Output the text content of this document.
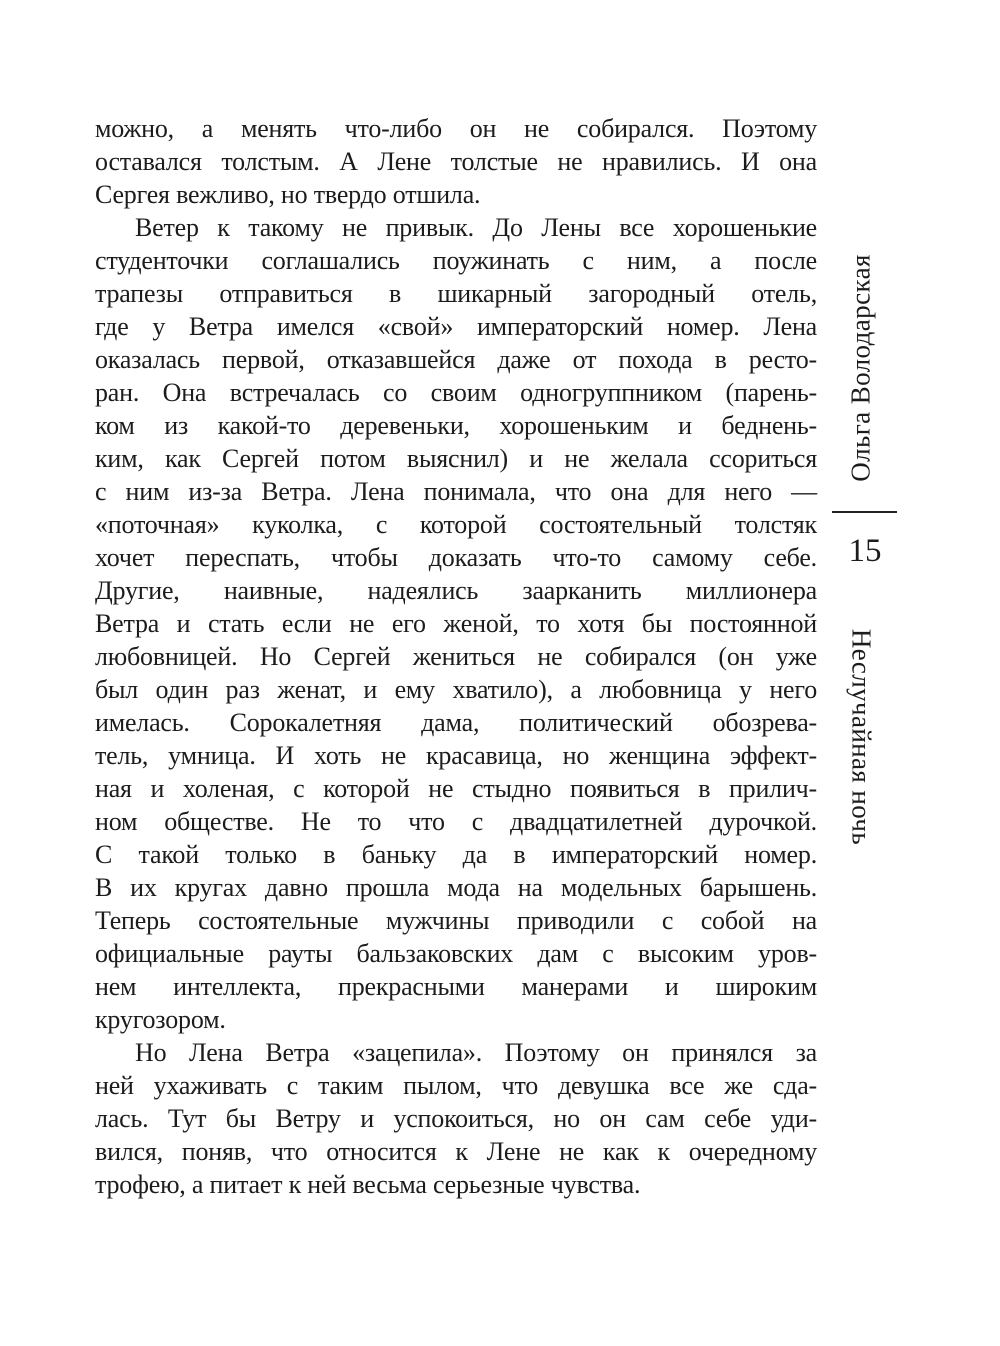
можно, а менять что-либо он не собирался. Поэтому
оставался толстым. А Лене толстые не нравились. И она
Сергея вежливо, но твердо отшила.
Ветер к такому не привык. До Лены все хорошенькие
студенточки соглашались поужинать с ним, а после
трапезы отправиться в шикарный загородный отель,
где у Ветра имелся «свой» императорский номер. Лена
оказалась первой, отказавшейся даже от похода в ресто-
ран. Она встречалась со своим одногруппником (парень-
ком из какой-то деревеньки, хорошеньким и беднень-
ким, как Сергей потом выяснил) и не желала ссориться
с ним из-за Ветра. Лена понимала, что она для него —
«поточная» куколка, с которой состоятельный толстяк
хочет переспать, чтобы доказать что-то самому себе.
Другие, наивные, надеялись заарканить миллионера
Ветра и стать если не его женой, то хотя бы постоянной
любовницей. Но Сергей жениться не собирался (он уже
был один раз женат, и ему хватило), а любовница у него
имелась. Сорокалетняя дама, политический обозрева-
тель, умница. И хоть не красавица, но женщина эффект-
ная и холеная, с которой не стыдно появиться в прилич-
ном обществе. Не то что с двадцатилетней дурочкой.
С такой только в баньку да в императорский номер.
В их кругах давно прошла мода на модельных барышень.
Теперь состоятельные мужчины приводили с собой на
официальные рауты бальзаковских дам с высоким уров-
нем интеллекта, прекрасными манерами и широким
кругозором.
Но Лена Ветра «зацепила». Поэтому он принялся за
ней ухаживать с таким пылом, что девушка все же сда-
лась. Тут бы Ветру и успокоиться, но он сам себе уди-
вился, поняв, что относится к Лене не как к очередному
трофею, а питает к ней весьма серьезные чувства.
Ольга Володарская
15
Неслучайная ночь
